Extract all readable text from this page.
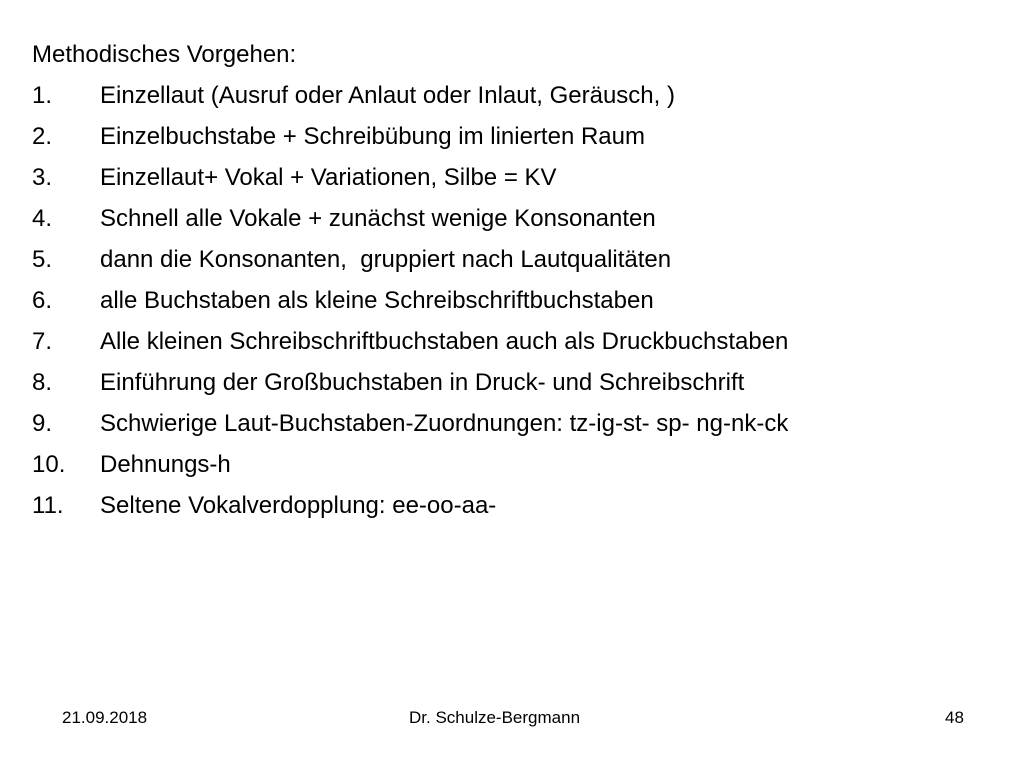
Methodisches Vorgehen:
1.	Einzellaut (Ausruf oder Anlaut oder Inlaut, Geräusch, )
2.	Einzelbuchstabe + Schreibübung im linierten Raum
3.	Einzellaut+ Vokal + Variationen, Silbe = KV
4.	Schnell alle Vokale + zunächst wenige Konsonanten
5.	dann die Konsonanten,  gruppiert nach Lautqualitäten
6.	alle Buchstaben als kleine Schreibschriftbuchstaben
7.	Alle kleinen Schreibschriftbuchstaben auch als Druckbuchstaben
8.	Einführung der Großbuchstaben in Druck- und Schreibschrift
9.	Schwierige Laut-Buchstaben-Zuordnungen: tz-ig-st- sp- ng-nk-ck
10.	Dehnungs-h
11.	Seltene Vokalverdopplung: ee-oo-aa-
21.09.2018	Dr. Schulze-Bergmann	48
